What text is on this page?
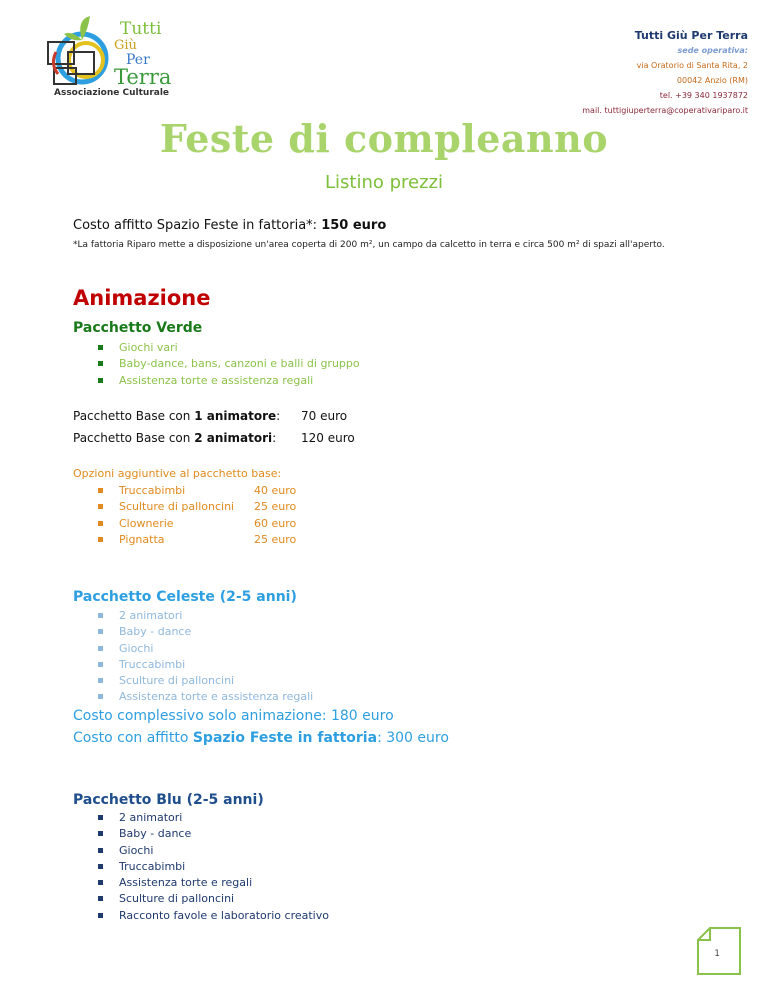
Tutti
Giù
Per
Terra
Associazione Culturale
Tutti Giù Per Terra
sede operativa:
via Oratorio di Santa Rita, 2
00042 Anzio (RM)
tel. +39 340 1937872
mail. tuttigiuperterra@coperativariparo.it
Feste di compleanno
Listino prezzi
Costo affitto Spazio Feste in fattoria*: 150 euro
*La fattoria Riparo mette a disposizione un'area coperta di 200 m², un campo da calcetto in terra e circa 500 m² di spazi all'aperto.
Animazione
Pacchetto Verde
Giochi vari
Baby-dance, bans, canzoni e balli di gruppo
Assistenza torte e assistenza regali
Pacchetto Base con 1 animatore: 70 euro
Pacchetto Base con 2 animatori: 120 euro
Opzioni aggiuntive al pacchetto base:
Truccabimbi	40 euro
Sculture di palloncini 25 euro
Clownerie	60 euro
Pignatta	25 euro
Pacchetto Celeste (2-5 anni)
2 animatori
Baby - dance
Giochi
Truccabimbi
Sculture di palloncini
Assistenza torte e assistenza regali
Costo complessivo solo animazione: 180 euro
Costo con affitto Spazio Feste in fattoria: 300 euro
Pacchetto Blu (2-5 anni)
2 animatori
Baby - dance
Giochi
Truccabimbi
Assistenza torte e regali
Sculture di palloncini
Racconto favole e laboratorio creativo
1
